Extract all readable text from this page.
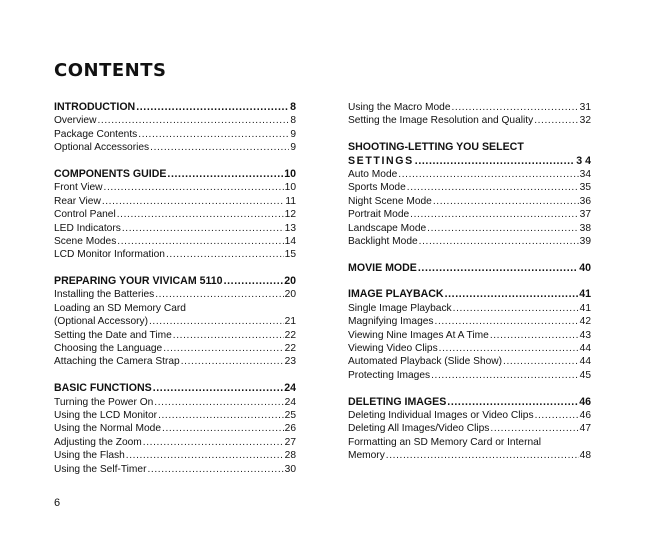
CONTENTS
INTRODUCTION .....	8
Overview .....	8
Package Contents .....	9
Optional Accessories .....	9
COMPONENTS GUIDE .....	10
Front View .....	10
Rear View .....	11
Control Panel .....	12
LED Indicators .....	13
Scene Modes .....	14
LCD Monitor Information .....	15
PREPARING YOUR VIVICAM 5110 .....	20
Installing the Batteries .....	20
Loading an SD Memory Card
(Optional Accessory) .....	21
Setting the Date and Time .....	22
Choosing the Language .....	22
Attaching the Camera Strap .....	23
BASIC FUNCTIONS .....	24
Turning the Power On .....	24
Using the LCD Monitor .....	25
Using the Normal Mode .....	26
Adjusting the Zoom .....	27
Using the Flash .....	28
Using the Self-Timer .....	30
Using the Macro Mode .....	31
Setting the Image Resolution and Quality .....	32
SHOOTING-LETTING YOU SELECT
SETTINGS .....	3 4
Auto Mode .....	34
Sports Mode .....	35
Night Scene Mode .....	36
Portrait Mode .....	37
Landscape Mode .....	38
Backlight Mode .....	39
MOVIE MODE .....	40
IMAGE PLAYBACK .....	41
Single Image Playback .....	41
Magnifying Images .....	42
Viewing Nine Images At A Time .....	43
Viewing Video Clips .....	44
Automated Playback (Slide Show) .....	44
Protecting Images .....	45
DELETING IMAGES .....	46
Deleting Individual Images or Video Clips .....	46
Deleting All Images/Video Clips .....	47
Formatting an SD Memory Card or Internal
Memory .....	48
6
